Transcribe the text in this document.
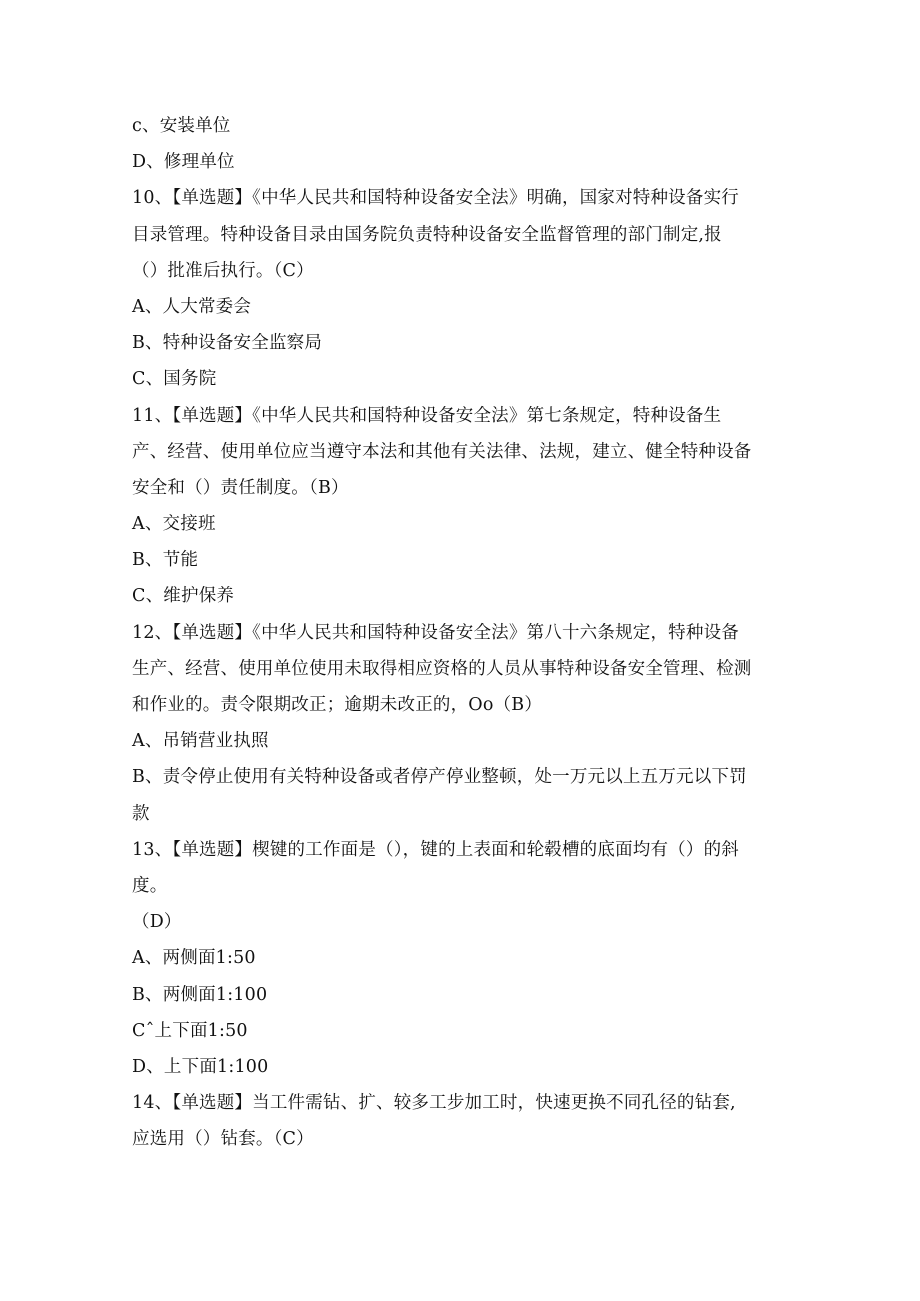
c、安装单位
D、修理单位
10、【单选题】《中华人民共和国特种设备安全法》明确，国家对特种设备实行
目录管理。特种设备目录由国务院负责特种设备安全监督管理的部门制定,报
（）批准后执行。（C）
A、人大常委会
B、特种设备安全监察局
C、国务院
11、【单选题】《中华人民共和国特种设备安全法》第七条规定，特种设备生
产、经营、使用单位应当遵守本法和其他有关法律、法规，建立、健全特种设备
安全和（）责任制度。（B）
A、交接班
B、节能
C、维护保养
12、【单选题】《中华人民共和国特种设备安全法》第八十六条规定，特种设备
生产、经营、使用单位使用未取得相应资格的人员从事特种设备安全管理、检测
和作业的。责令限期改正；逾期未改正的，Oo（B）
A、吊销营业执照
B、责令停止使用有关特种设备或者停产停业整顿，处一万元以上五万元以下罚
款
13、【单选题】楔键的工作面是（），键的上表面和轮毂槽的底面均有（）的斜
度。
（D）
A、两侧面1:50
B、两侧面1:100
Cˆ上下面1:50
D、上下面1:100
14、【单选题】当工件需钻、扩、较多工步加工时，快速更换不同孔径的钻套,
应选用（）钻套。（C）
